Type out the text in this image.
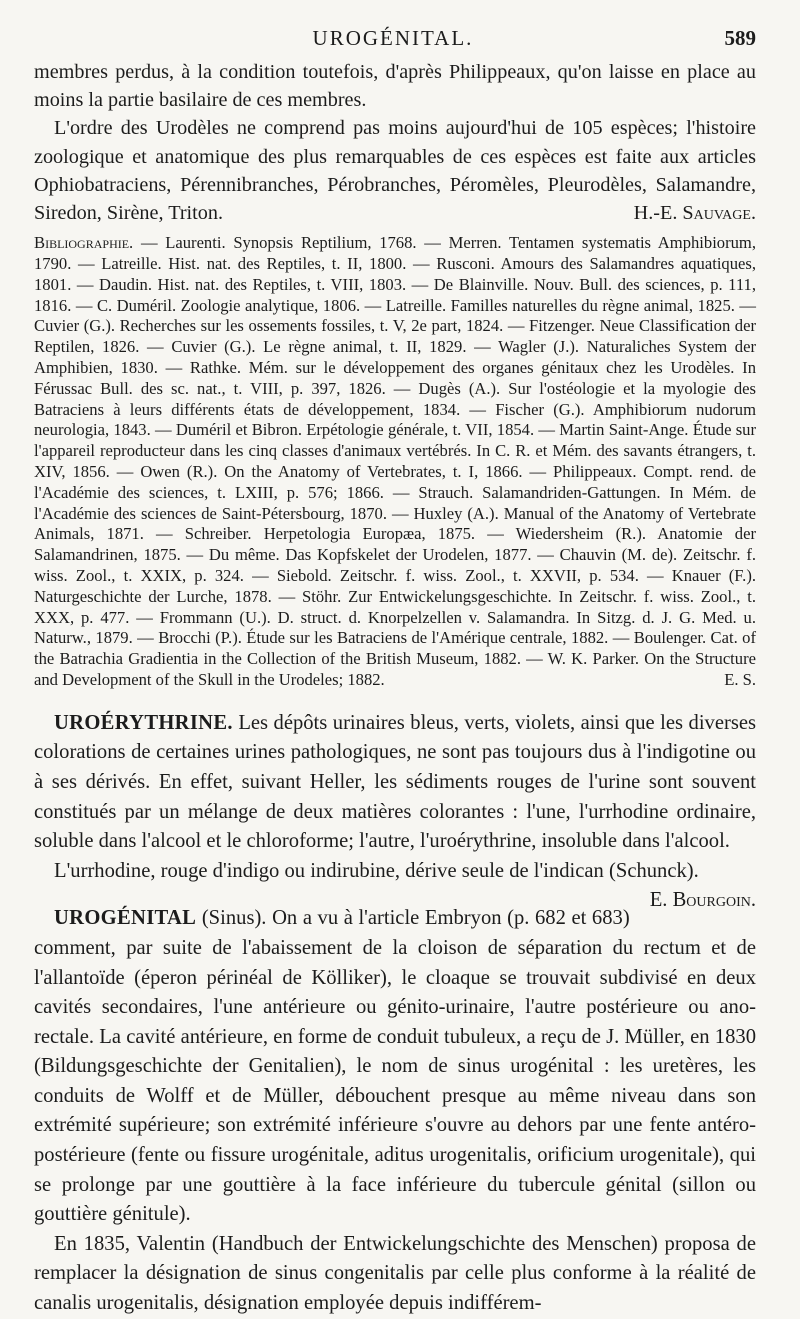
UROGÉNITAL.	589

membres perdus, à la condition toutefois, d'après Philippeaux, qu'on laisse en place au moins la partie basilaire de ces membres.

L'ordre des Urodèles ne comprend pas moins aujourd'hui de 105 espèces; l'histoire zoologique et anatomique des plus remarquables de ces espèces est faite aux articles Ophiobatraciens, Pérennibranches, Pérobranches, Péromèles, Pleurodèles, Salamandre, Siredon, Sirène, Triton.	H.-E. Sauvage.

Bibliographie. — Laurenti. Synopsis Reptilium, 1768. — Merren. Tentamen systematis Amphibiorum, 1790. — Latreille. Hist. nat. des Reptiles, t. II, 1800. — Rusconi. Amours des Salamandres aquatiques, 1801. — Daudin. Hist. nat. des Reptiles, t. VIII, 1803. — De Blainville. Nouv. Bull. des sciences, p. 111, 1816. — C. Duméril. Zoologie analytique, 1806. — Latreille. Familles naturelles du règne animal, 1825. — Cuvier (G.). Recherches sur les ossements fossiles, t. V, 2e part, 1824. — Fitzenger. Neue Classification der Reptilen, 1826. — Cuvier (G.). Le règne animal, t. II, 1829. — Wagler (J.). Naturaliches System der Amphibien, 1830. — Rathke. Mém. sur le développement des organes génitaux chez les Urodèles. In Férussac Bull. des sc. nat., t. VIII, p. 397, 1826. — Dugès (A.). Sur l'ostéologie et la myologie des Batraciens à leurs différents états de développement, 1834. — Fischer (G.). Amphibiorum nudorum neurologia, 1843. — Duméril et Bibron. Erpétologie générale, t. VII, 1854. — Martin Saint-Ange. Étude sur l'appareil reproducteur dans les cinq classes d'animaux vertébrés. In C. R. et Mém. des savants étrangers, t. XIV, 1856. — Owen (R.). On the Anatomy of Vertebrates, t. I, 1866. — Philippeaux. Compt. rend. de l'Académie des sciences, t. LXIII, p. 576; 1866. — Strauch. Salamandriden-Gattungen. In Mém. de l'Académie des sciences de Saint-Pétersbourg, 1870. — Huxley (A.). Manual of the Anatomy of Vertebrate Animals, 1871. — Schreiber. Herpetologia Europæa, 1875. — Wiedersheim (R.). Anatomie der Salamandrinen, 1875. — Du même. Das Kopfskelet der Urodelen, 1877. — Chauvin (M. de). Zeitschr. f. wiss. Zool., t. XXIX, p. 324. — Siebold. Zeitschr. f. wiss. Zool., t. XXVII, p. 534. — Knauer (F.). Naturgeschichte der Lurche, 1878. — Stöhr. Zur Entwickelungsgeschichte. In Zeitschr. f. wiss. Zool., t. XXX, p. 477. — Frommann (U.). D. struct. d. Knorpelzellen v. Salamandra. In Sitzg. d. J. G. Med. u. Naturw., 1879. — Brocchi (P.). Étude sur les Batraciens de l'Amérique centrale, 1882. — Boulenger. Cat. of the Batrachia Gradientia in the Collection of the British Museum, 1882. — W. K. Parker. On the Structure and Development of the Skull in the Urodeles; 1882.	E. S.

UROÉRYTHRINE. Les dépôts urinaires bleus, verts, violets, ainsi que les diverses colorations de certaines urines pathologiques, ne sont pas toujours dus à l'indigotine ou à ses dérivés. En effet, suivant Heller, les sédiments rouges de l'urine sont souvent constitués par un mélange de deux matières colorantes : l'une, l'urrhodine ordinaire, soluble dans l'alcool et le chloroforme; l'autre, l'uroérythrine, insoluble dans l'alcool.

L'urrhodine, rouge d'indigo ou indirubine, dérive seule de l'indican (Schunck).
E. Bourgoin.

UROGÉNITAL (Sinus). On a vu à l'article Embryon (p. 682 et 683) comment, par suite de l'abaissement de la cloison de séparation du rectum et de l'allantoïde (éperon périnéal de Kölliker), le cloaque se trouvait subdivisé en deux cavités secondaires, l'une antérieure ou génito-urinaire, l'autre postérieure ou ano-rectale. La cavité antérieure, en forme de conduit tubuleux, a reçu de J. Müller, en 1830 (Bildungsgeschichte der Genitalien), le nom de sinus urogénital : les uretères, les conduits de Wolff et de Müller, débouchent presque au même niveau dans son extrémité supérieure; son extrémité inférieure s'ouvre au dehors par une fente antéro-postérieure (fente ou fissure urogénitale, aditus urogenitalis, orificium urogenitale), qui se prolonge par une gouttière à la face inférieure du tubercule génital (sillon ou gouttière génitule).

En 1835, Valentin (Handbuch der Entwickelungschichte des Menschen) proposa de remplacer la désignation de sinus congenitalis par celle plus conforme à la réalité de canalis urogenitalis, désignation employée depuis indifférem-
